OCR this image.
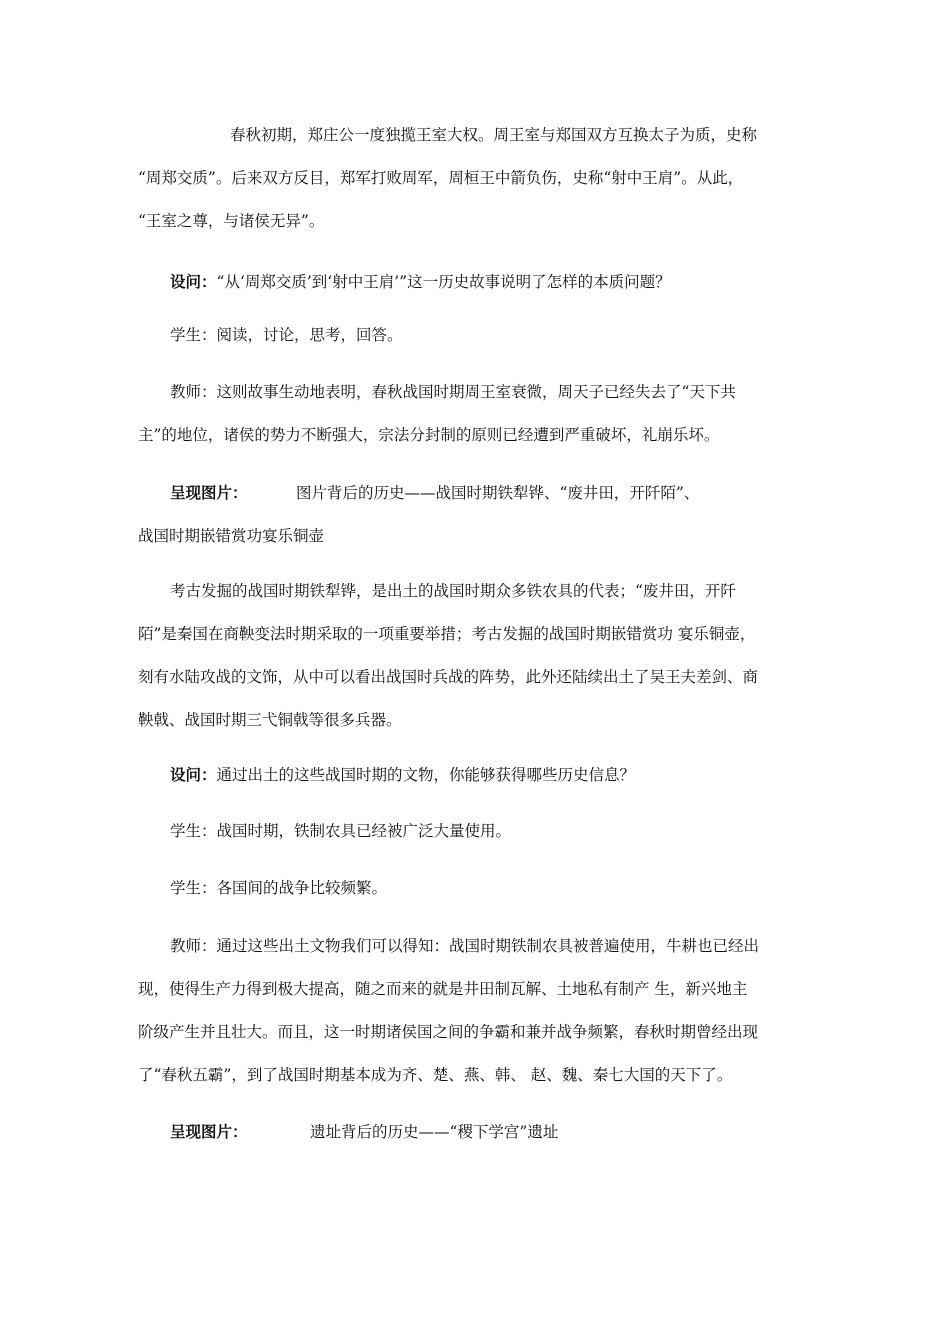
春秋初期，郑庄公一度独揽王室大权。周王室与郑国双方互换太子为质，史称
“周郑交质”。后来双方反目，郑军打败周军，周桓王中箭负伤，史称“射中王肩”。从此，
“王室之尊，与诸侯无异”。
设问：“从‘周郑交质’到‘射中王肩’”这一历史故事说明了怎样的本质问题？
学生：阅读，讨论，思考，回答。
教师：这则故事生动地表明，春秋战国时期周王室衰微，周天子已经失去了“天下共
主”的地位，诸侯的势力不断强大，宗法分封制的原则已经遭到严重破坏，礼崩乐坏。
呈现图片：	图片背后的历史——战国时期铁犁铧、“废井田，开阡陌”、
战国时期嵌错赏功宴乐铜壶
考古发掘的战国时期铁犁铧，是出土的战国时期众多铁农具的代表；“废井田，开阡
陌”是秦国在商鞅变法时期采取的一项重要举措；考古发掘的战国时期嵌错赏功 宴乐铜壶，
刻有水陆攻战的文饰，从中可以看出战国时兵战的阵势，此外还陆续出土了吴王夫差剑、商
鞅戟、战国时期三弋铜戟等很多兵器。
设问：通过出土的这些战国时期的文物，你能够获得哪些历史信息？
学生：战国时期，铁制农具已经被广泛大量使用。
学生：各国间的战争比较频繁。
教师：通过这些出土文物我们可以得知：战国时期铁制农具被普遍使用，牛耕也已经出
现，使得生产力得到极大提高，随之而来的就是井田制瓦解、土地私有制产 生，新兴地主
阶级产生并且壮大。而且，这一时期诸侯国之间的争霸和兼并战争频繁，春秋时期曾经出现
了“春秋五霸”，到了战国时期基本成为齐、楚、燕、韩、 赵、魏、秦七大国的天下了。
呈现图片：	遗址背后的历史——“稷下学宫”遗址
